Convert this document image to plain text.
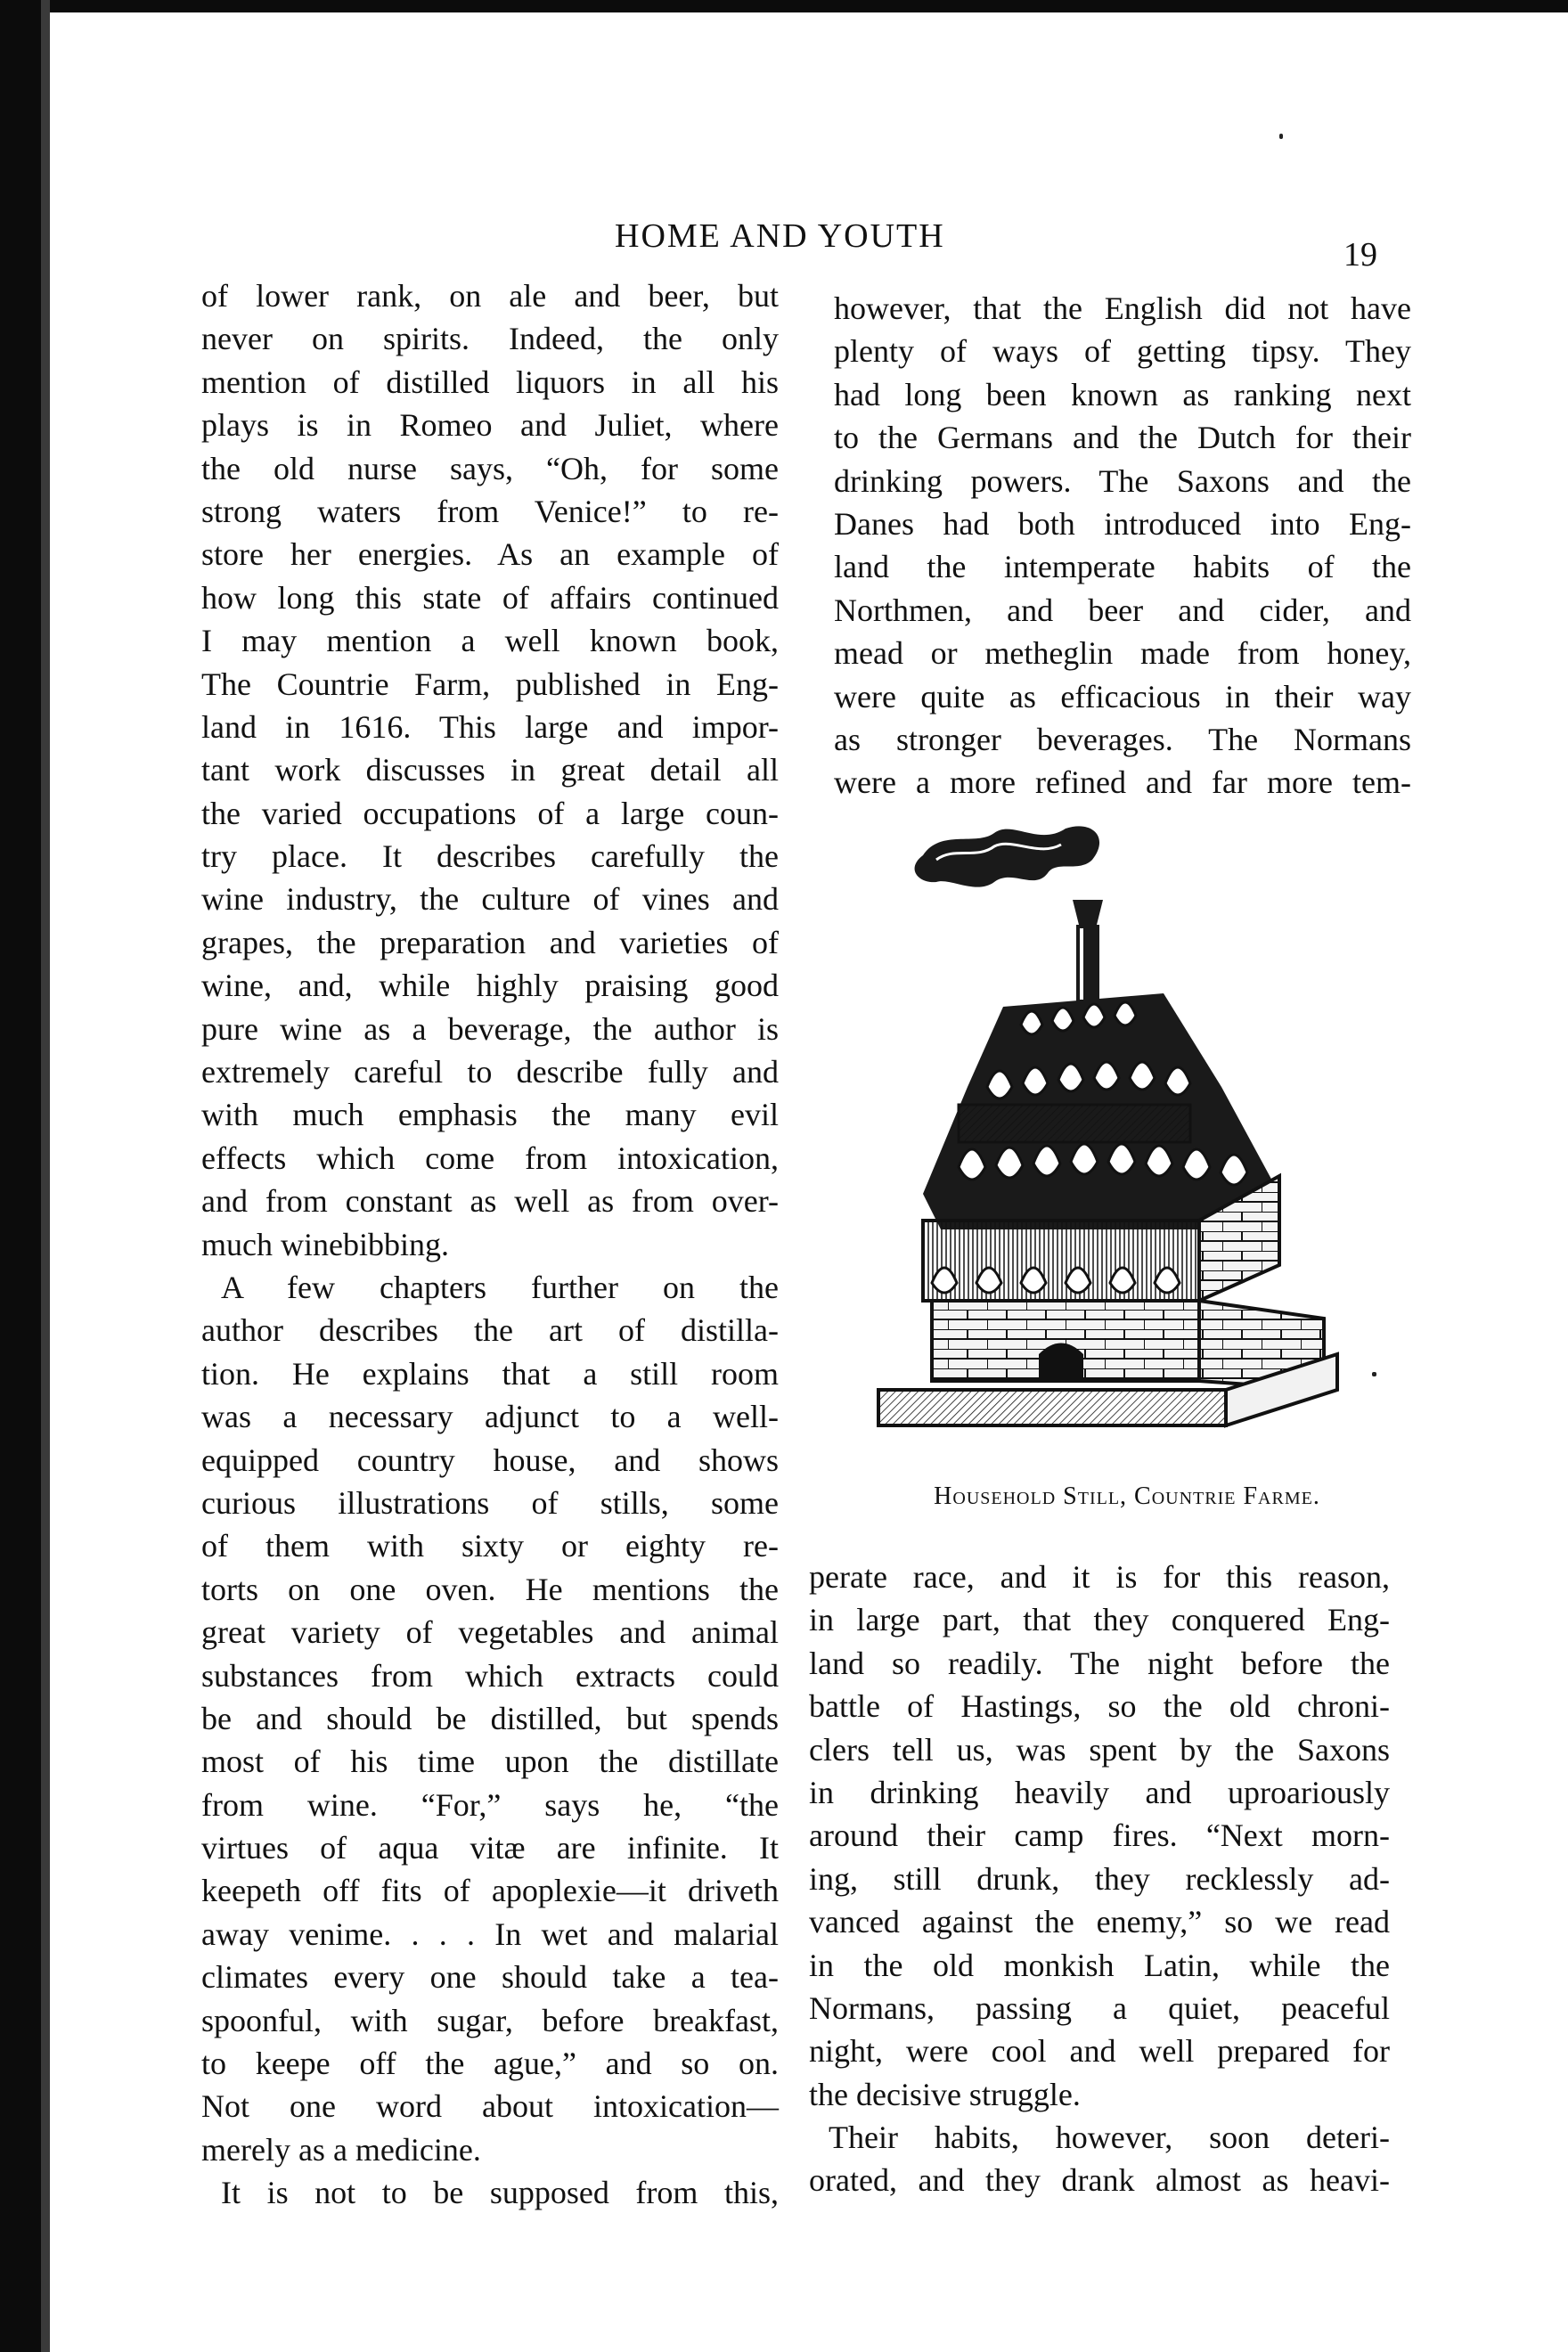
HOME AND YOUTH	19
of lower rank, on ale and beer, but
never on spirits. Indeed, the only
mention of distilled liquors in all his
plays is in Romeo and Juliet, where
the old nurse says, “Oh, for some
strong waters from Venice!” to re-
store her energies. As an example of
how long this state of affairs continued
I may mention a well known book,
The Countrie Farm, published in Eng-
land in 1616. This large and impor-
tant work discusses in great detail all
the varied occupations of a large coun-
try place. It describes carefully the
wine industry, the culture of vines and
grapes, the preparation and varieties of
wine, and, while highly praising good
pure wine as a beverage, the author is
extremely careful to describe fully and
with much emphasis the many evil
effects which come from intoxication,
and from constant as well as from over-
much winebibbing.
A few chapters further on the
author describes the art of distilla-
tion. He explains that a still room
was a necessary adjunct to a well-
equipped country house, and shows
curious illustrations of stills, some
of them with sixty or eighty re-
torts on one oven. He mentions the
great variety of vegetables and animal
substances from which extracts could
be and should be distilled, but spends
most of his time upon the distillate
from wine. “For,” says he, “the
virtues of aqua vitæ are infinite. It
keepeth off fits of apoplexie—it driveth
away venime. . . . In wet and malarial
climates every one should take a tea-
spoonful, with sugar, before breakfast,
to keepe off the ague,” and so on.
Not one word about intoxication—
merely as a medicine.
It is not to be supposed from this,
however, that the English did not have
plenty of ways of getting tipsy. They
had long been known as ranking next
to the Germans and the Dutch for their
drinking powers. The Saxons and the
Danes had both introduced into Eng-
land the intemperate habits of the
Northmen, and beer and cider, and
mead or metheglin made from honey,
were quite as efficacious in their way
as stronger beverages. The Normans
were a more refined and far more tem-
Household Still, Countrie Farme.
perate race, and it is for this reason,
in large part, that they conquered Eng-
land so readily. The night before the
battle of Hastings, so the old chroni-
clers tell us, was spent by the Saxons
in drinking heavily and uproariously
around their camp fires. “Next morn-
ing, still drunk, they recklessly ad-
vanced against the enemy,” so we read
in the old monkish Latin, while the
Normans, passing a quiet, peaceful
night, were cool and well prepared for
the decisive struggle.
Their habits, however, soon deteri-
orated, and they drank almost as heavi-
